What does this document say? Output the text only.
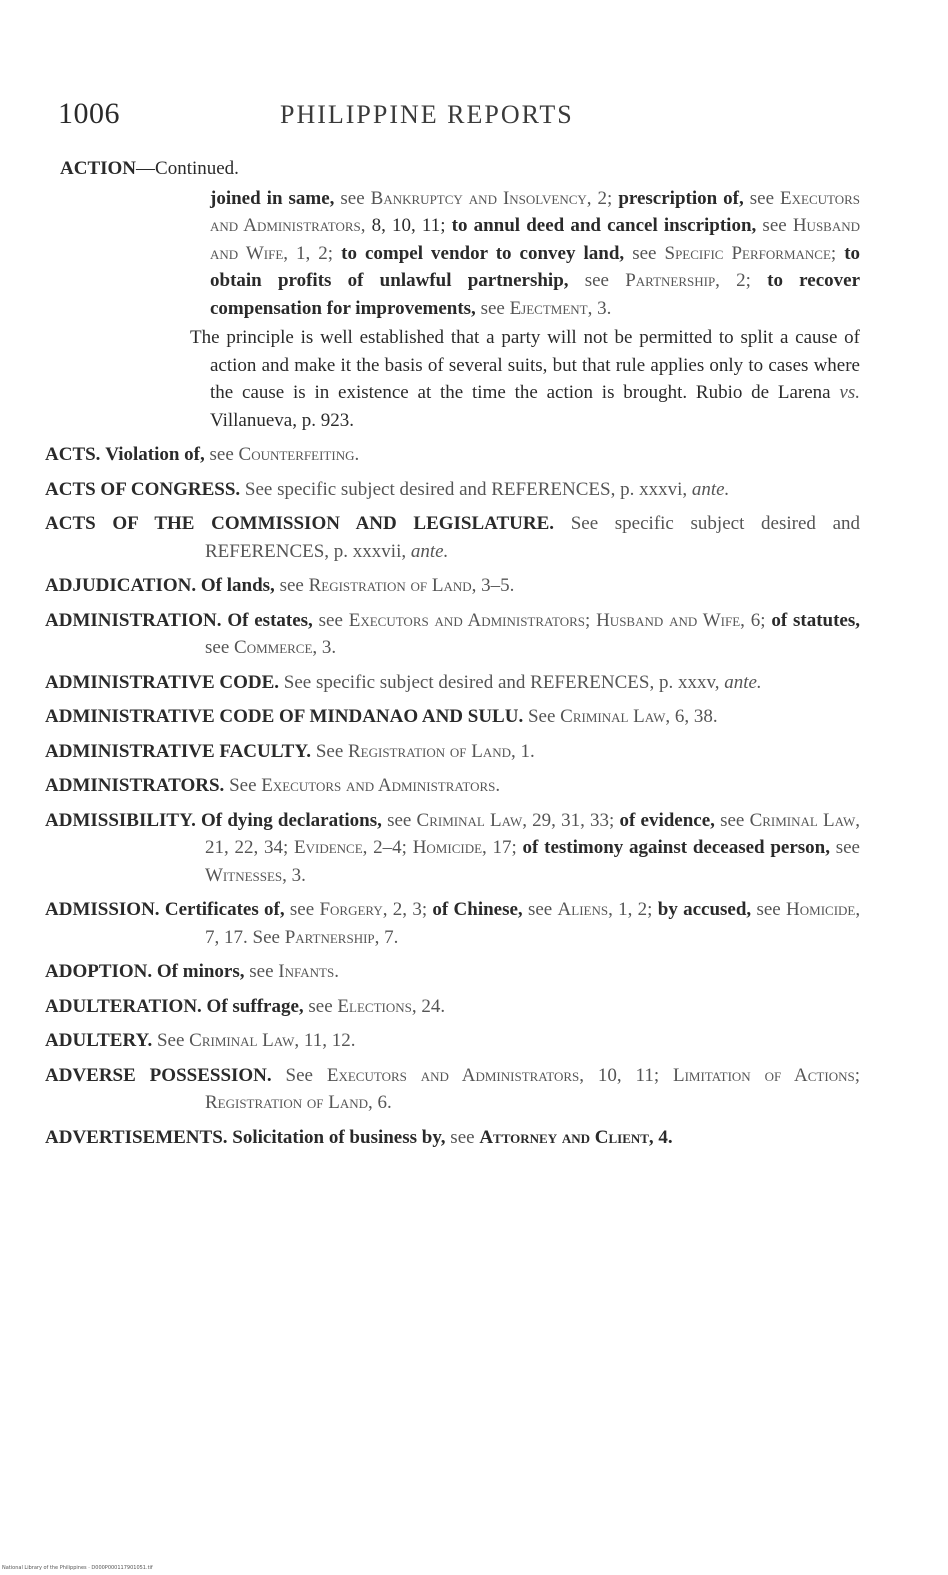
1006	PHILIPPINE REPORTS
ACTION—Continued.
joined in same, see Bankruptcy and Insolvency, 2; prescription of, see Executors and Administrators, 8, 10, 11; to annul deed and cancel inscription, see Husband and Wife, 1, 2; to compel vendor to convey land, see Specific Performance; to obtain profits of unlawful partnership, see Partnership, 2; to recover compensation for improvements, see Ejectment, 3.
The principle is well established that a party will not be permitted to split a cause of action and make it the basis of several suits, but that rule applies only to cases where the cause is in existence at the time the action is brought. Rubio de Larena vs. Villanueva, p. 923.
ACTS. Violation of, see Counterfeiting.
ACTS OF CONGRESS. See specific subject desired and REFERENCES, p. xxxvi, ante.
ACTS OF THE COMMISSION AND LEGISLATURE. See specific subject desired and REFERENCES, p. xxxvii, ante.
ADJUDICATION. Of lands, see Registration of Land, 3–5.
ADMINISTRATION. Of estates, see Executors and Administrators; Husband and Wife, 6; of statutes, see Commerce, 3.
ADMINISTRATIVE CODE. See specific subject desired and REFERENCES, p. xxxv, ante.
ADMINISTRATIVE CODE OF MINDANAO AND SULU. See Criminal Law, 6, 38.
ADMINISTRATIVE FACULTY. See Registration of Land, 1.
ADMINISTRATORS. See Executors and Administrators.
ADMISSIBILITY. Of dying declarations, see Criminal Law, 29, 31, 33; of evidence, see Criminal Law, 21, 22, 34; Evidence, 2–4; Homicide, 17; of testimony against deceased person, see Witnesses, 3.
ADMISSION. Certificates of, see Forgery, 2, 3; of Chinese, see Aliens, 1, 2; by accused, see Homicide, 7, 17. See Partnership, 7.
ADOPTION. Of minors, see Infants.
ADULTERATION. Of suffrage, see Elections, 24.
ADULTERY. See Criminal Law, 11, 12.
ADVERSE POSSESSION. See Executors and Administrators, 10, 11; Limitation of Actions; Registration of Land, 6.
ADVERTISEMENTS. Solicitation of business by, see Attorney and Client, 4.
National Library of the Philippines · D000P000117901051.tif
